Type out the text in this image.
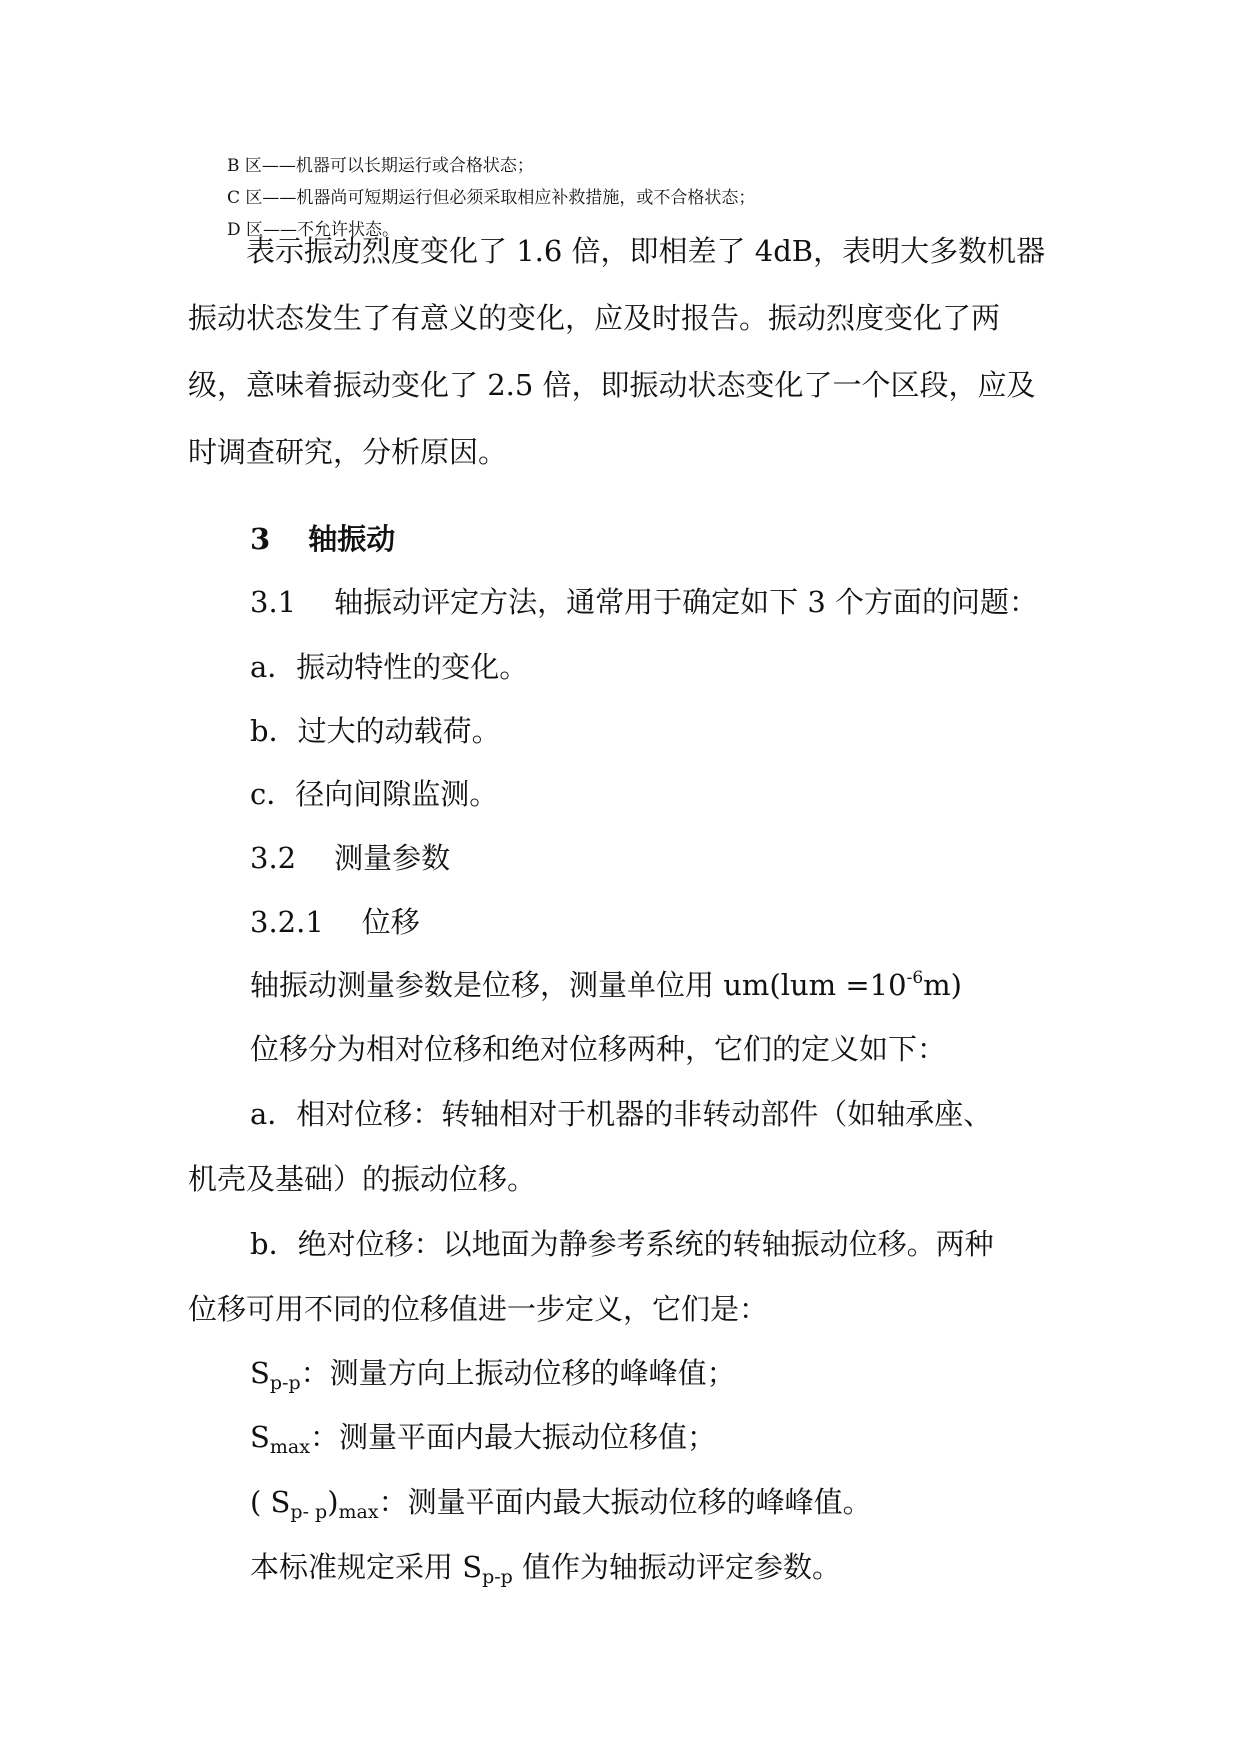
B 区——机器可以长期运行或合格状态；
C 区——机器尚可短期运行但必须采取相应补救措施，或不合格状态；
D 区——不允许状态。
表示振动烈度变化了 1.6 倍，即相差了 4dB，表明大多数机器振动状态发生了有意义的变化，应及时报告。振动烈度变化了两级，意味着振动变化了 2.5 倍，即振动状态变化了一个区段，应及时调查研究，分析原因。
3 轴振动
3.1 轴振动评定方法，通常用于确定如下 3 个方面的问题：
a．振动特性的变化。
b．过大的动载荷。
c．径向间隙监测。
3.2 测量参数
3.2.1 位移
轴振动测量参数是位移，测量单位用 $um(lum =10^{-6}m)$
位移分为相对位移和绝对位移两种，它们的定义如下：
a．相对位移：转轴相对于机器的非转动部件（如轴承座、
机壳及基础）的振动位移。
b．绝对位移：以地面为静参考系统的转轴振动位移。两种
位移可用不同的位移值进一步定义，它们是：
$S_{p-p}$：测量方向上振动位移的峰峰值；
$S_{max}$：测量平面内最大振动位移值；
( $S_{p- p})_{max}$：测量平面内最大振动位移的峰峰值。
本标准规定采用 $S_{p-p}$ 值作为轴振动评定参数。
